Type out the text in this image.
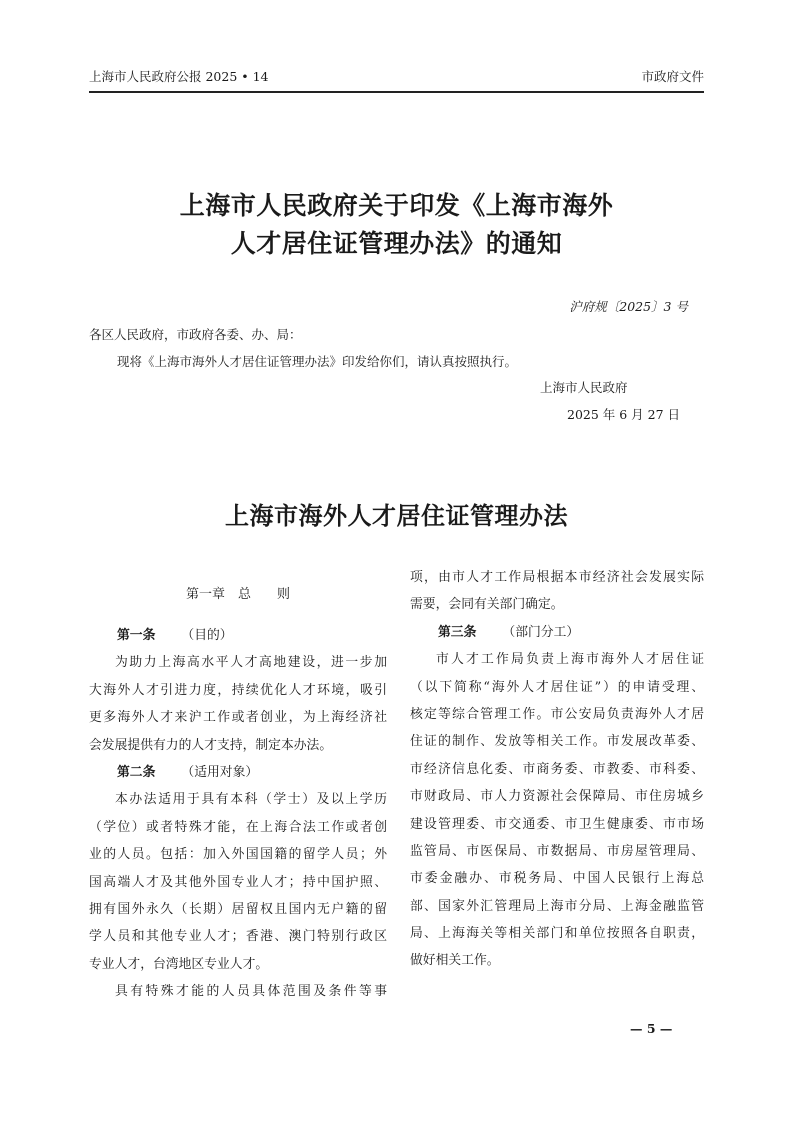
上海市人民政府公报 2025 • 14	市政府文件
上海市人民政府关于印发《上海市海外
人才居住证管理办法》的通知
沪府规〔2025〕3 号
各区人民政府，市政府各委、办、局：
现将《上海市海外人才居住证管理办法》印发给你们，请认真按照执行。
上海市人民政府
2025 年 6 月 27 日
上海市海外人才居住证管理办法
第一章　总　　则
第一条 （目的）
为助力上海高水平人才高地建设，进一步加
大海外人才引进力度，持续优化人才环境，吸引
更多海外人才来沪工作或者创业，为上海经济社
会发展提供有力的人才支持，制定本办法。
第二条 （适用对象）
本办法适用于具有本科（学士）及以上学历
（学位）或者特殊才能，在上海合法工作或者创
业的人员。包括：加入外国国籍的留学人员；外
国高端人才及其他外国专业人才；持中国护照、
拥有国外永久（长期）居留权且国内无户籍的留
学人员和其他专业人才；香港、澳门特别行政区
专业人才，台湾地区专业人才。
具有特殊才能的人员具体范围及条件等事
项，由市人才工作局根据本市经济社会发展实际
需要，会同有关部门确定。
第三条 （部门分工）
市人才工作局负责上海市海外人才居住证
（以下简称“海外人才居住证”）的申请受理、
核定等综合管理工作。市公安局负责海外人才居
住证的制作、发放等相关工作。市发展改革委、
市经济信息化委、市商务委、市教委、市科委、
市财政局、市人力资源社会保障局、市住房城乡
建设管理委、市交通委、市卫生健康委、市市场
监管局、市医保局、市数据局、市房屋管理局、
市委金融办、市税务局、中国人民银行上海总
部、国家外汇管理局上海市分局、上海金融监管
局、上海海关等相关部门和单位按照各自职责，
做好相关工作。
— 5 —
